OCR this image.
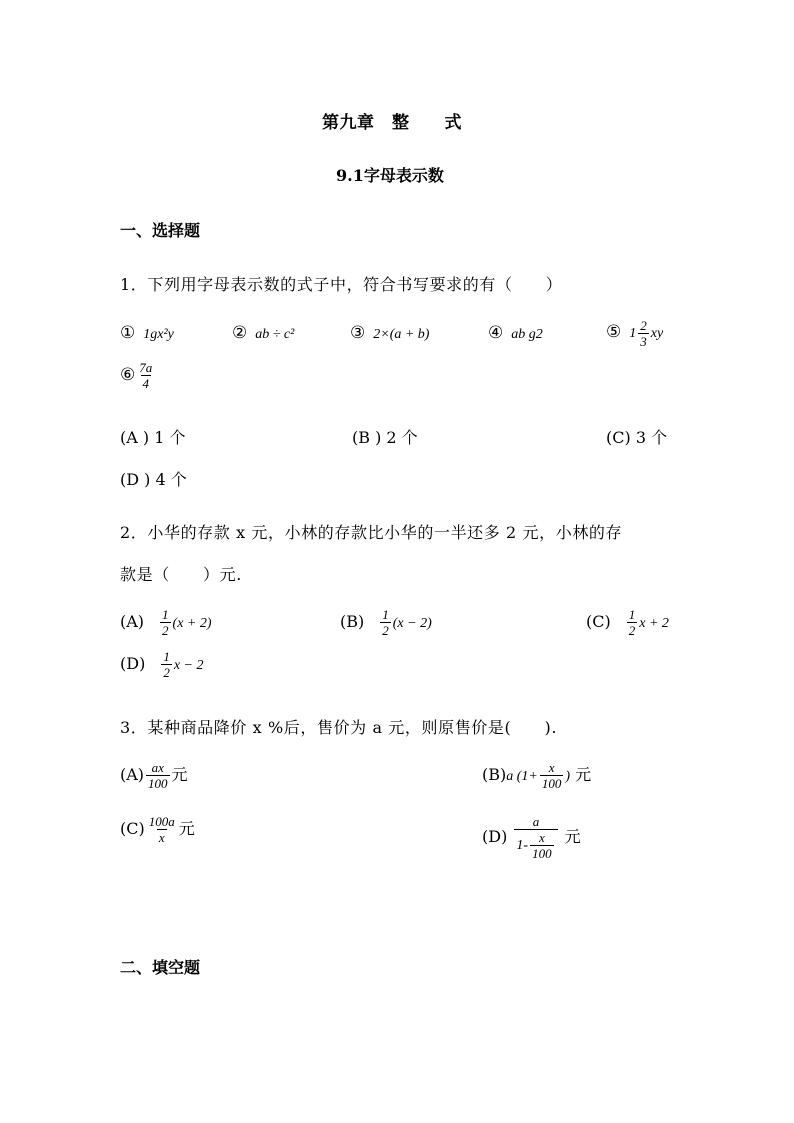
第九章　整　　式
9.1字母表示数
一、选择题
1．下列用字母表示数的式子中，符合书写要求的有（　　）
① 1gx²y	② ab ÷ c²	③ 2×(a + b)	④ ab g2	⑤ $1 \frac{2}{3}$ xy
⑥ $\frac{7a}{4}$
(A ) 1 个	(B ) 2 个	(C) 3 个
(D ) 4 个
2．小华的存款 x 元，小林的存款比小华的一半还多 2 元，小林的存
款是（　　）元.
$(A) \frac{1}{2} (x + 2)$	$(B) \frac{1}{2} (x - 2)$	$(C) \frac{1}{2}$ x + 2
$(D) \frac{1}{2}$ x − 2
3．某种商品降价 x %后，售价为 a 元，则原售价是(　　).
$(A) \frac{ax}{100}$ 元	(B)a ($1+ \frac{x}{100}$ ) 元
$(C) \frac{100a}{x}$ 元	$(D) \frac{a}{1- \frac{x}{100}}$ 元
二、填空题
